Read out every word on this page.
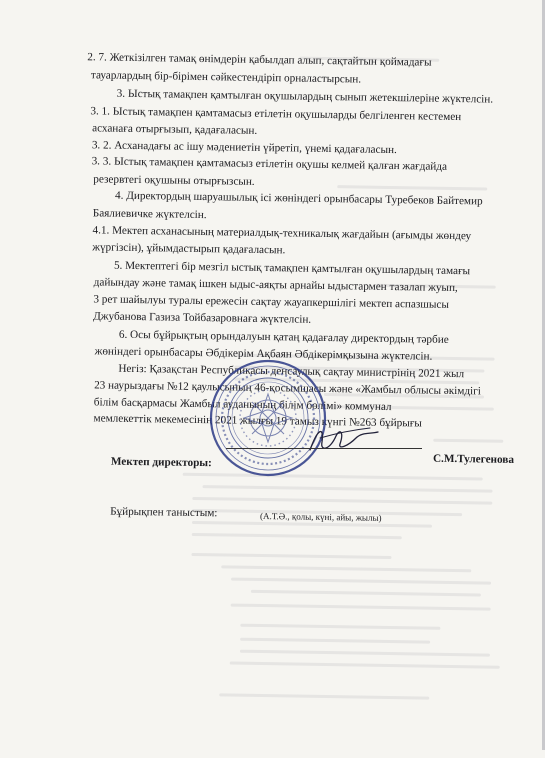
2. 7. Жеткізілген тамақ өнімдерін қабылдап алып, сақтайтын қоймадағы
тауарлардың бір-бірімен сәйкестендіріп орналастырсын.
3. Ыстық тамақпен қамтылған оқушылардың сынып жетекшілеріне жүктелсін.
3. 1. Ыстық тамақпен қамтамасыз етілетін оқушыларды белгіленген кестемен
асханаға отырғызып, қадағаласын.
3. 2. Асханадағы ас ішу мәдениетін үйретіп, үнемі қадағаласын.
3. 3. Ыстық тамақпен қамтамасыз етілетін оқушы келмей қалған жағдайда
резервтегі оқушыны отырғызсын.
4. Директордың шаруашылық ісі жөніндегі орынбасары Туребеков Байтемир
Баялиевичке жүктелсін.
4.1. Мектеп асханасының материалдық-техникалық жағдайын (ағымды жөндеу
жүргізсін), ұйымдастырып қадағаласын.
5. Мектептегі бір мезгіл ыстық тамақпен қамтылған оқушылардың тамағы
дайындау және тамақ ішкен ыдыс-аяқты арнайы ыдыстармен тазалап жуып,
3 рет шайылуы туралы ережесін сақтау жауапкершілігі мектеп аспазшысы
Джубанова Газиза Тойбазаровнаға жүктелсін.
6. Осы бұйрықтың орындалуын қатаң қадағалау директордың тәрбие
жөніндегі орынбасары Әбдікерім Ақбаян Әбдікерімқызына жүктелсін.
Негіз: Қазақстан Республикасы денсаулық сақтау министрінің 2021 жыл
23 наурыздағы №12 қаулысының 46-қосымшасы және «Жамбыл облысы әкімдігі
білім басқармасы Жамбыл ауданының білім бөлімі» коммунал
мемлекеттік мекемесінің 2021 жылғы 19 тамыз күнгі №263 бұйрығы
Мектеп директоры:	С.М.Тулегенова
Бұйрықпен таныстым:	(А.Т.Ә., қолы, күні, айы, жылы)
